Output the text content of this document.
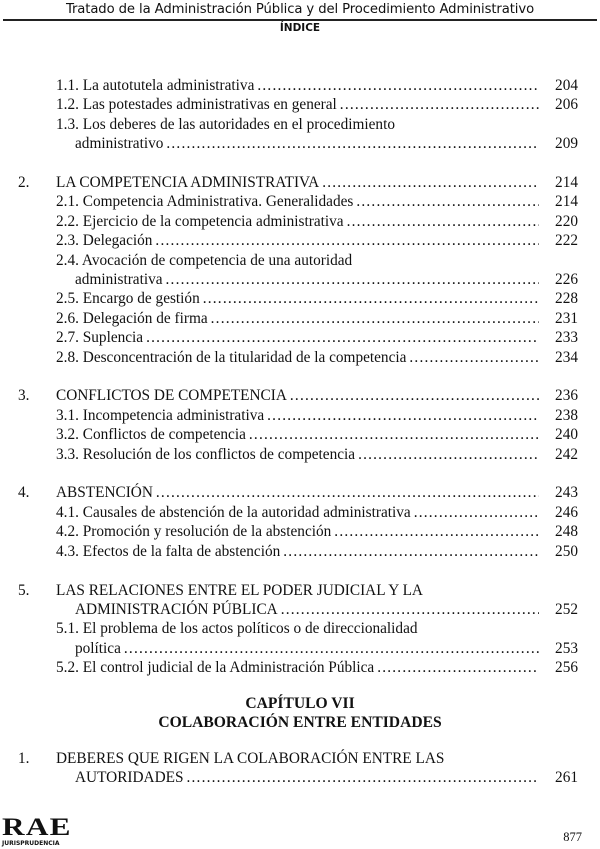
Tratado de la Administración Pública y del Procedimiento Administrativo
ÍNDICE
1.1. La autotutela administrativa .....	204
1.2. Las potestades administrativas en general .....	206
1.3. Los deberes de las autoridades en el procedimiento
administrativo .....	209
2. LA COMPETENCIA ADMINISTRATIVA .....	214
2.1. Competencia Administrativa. Generalidades .....	214
2.2. Ejercicio de la competencia administrativa .....	220
2.3. Delegación .....	222
2.4. Avocación de competencia de una autoridad
administrativa .....	226
2.5. Encargo de gestión .....	228
2.6. Delegación de firma .....	231
2.7. Suplencia .....	233
2.8. Desconcentración de la titularidad de la competencia .....	234
3. CONFLICTOS DE COMPETENCIA .....	236
3.1. Incompetencia administrativa .....	238
3.2. Conflictos de competencia .....	240
3.3. Resolución de los conflictos de competencia .....	242
4. ABSTENCIÓN .....	243
4.1. Causales de abstención de la autoridad administrativa .....	246
4.2. Promoción y resolución de la abstención .....	248
4.3. Efectos de la falta de abstención .....	250
5. LAS RELACIONES ENTRE EL PODER JUDICIAL Y LA
ADMINISTRACIÓN PÚBLICA .....	252
5.1. El problema de los actos políticos o de direccionalidad
política .....	253
5.2. El control judicial de la Administración Pública .....	256
CAPÍTULO VII
COLABORACIÓN ENTRE ENTIDADES
1. DEBERES QUE RIGEN LA COLABORACIÓN ENTRE LAS
AUTORIDADES .....	261
RAE
JURISPRUDENCIA	877
